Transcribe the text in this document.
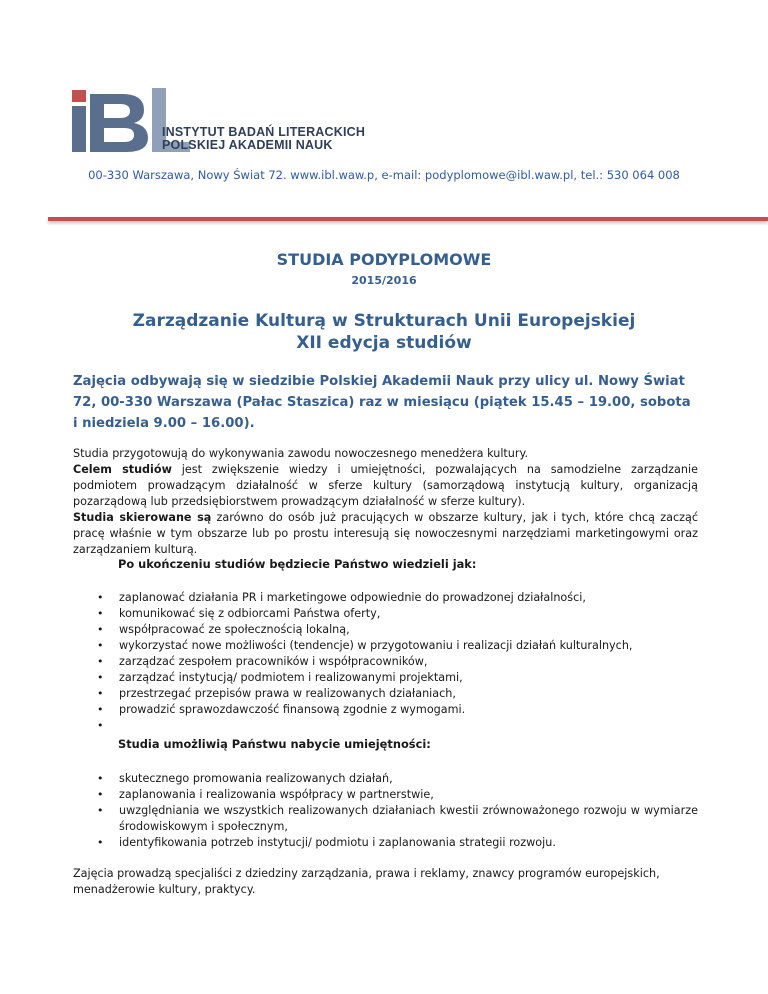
INSTYTUT BADAŃ LITERACKICH
POLSKIEJ AKADEMII NAUK
00-330 Warszawa, Nowy Świat 72. www.ibl.waw.p, e-mail: podyplomowe@ibl.waw.pl, tel.: 530 064 008
STUDIA PODYPLOMOWE
2015/2016
Zarządzanie Kulturą w Strukturach Unii Europejskiej
XII edycja studiów
Zajęcia odbywają się w siedzibie Polskiej Akademii Nauk przy ulicy ul. Nowy Świat 72, 00-330 Warszawa (Pałac Staszica) raz w miesiącu (piątek 15.45 – 19.00, sobota i niedziela 9.00 – 16.00).
Studia przygotowują do wykonywania zawodu nowoczesnego menedżera kultury.
Celem studiów jest zwiększenie wiedzy i umiejętności, pozwalających na samodzielne zarządzanie podmiotem prowadzącym działalność w sferze kultury (samorządową instytucją kultury, organizacją pozarządową lub przedsiębiorstwem prowadzącym działalność w sferze kultury).
Studia skierowane są zarówno do osób już pracujących w obszarze kultury, jak i tych, które chcą zacząć pracę właśnie w tym obszarze lub po prostu interesują się nowoczesnymi narzędziami marketingowymi oraz zarządzaniem kulturą.
Po ukończeniu studiów będziecie Państwo wiedzieli jak:
• zaplanować działania PR i marketingowe odpowiednie do prowadzonej działalności,
• komunikować się z odbiorcami Państwa oferty,
• współpracować ze społecznością lokalną,
• wykorzystać nowe możliwości (tendencje) w przygotowaniu i realizacji działań kulturalnych,
• zarządzać zespołem pracowników i współpracowników,
• zarządzać instytucją/ podmiotem i realizowanymi projektami,
• przestrzegać przepisów prawa w realizowanych działaniach,
• prowadzić sprawozdawczość finansową zgodnie z wymogami.
•
Studia umożliwią Państwu nabycie umiejętności:
• skutecznego promowania realizowanych działań,
• zaplanowania i realizowania współpracy w partnerstwie,
• uwzględniania we wszystkich realizowanych działaniach kwestii zrównoważonego rozwoju w wymiarze środowiskowym i społecznym,
• identyfikowania potrzeb instytucji/ podmiotu i zaplanowania strategii rozwoju.
Zajęcia prowadzą specjaliści z dziedziny zarządzania, prawa i reklamy, znawcy programów europejskich, menadżerowie kultury, praktycy.
